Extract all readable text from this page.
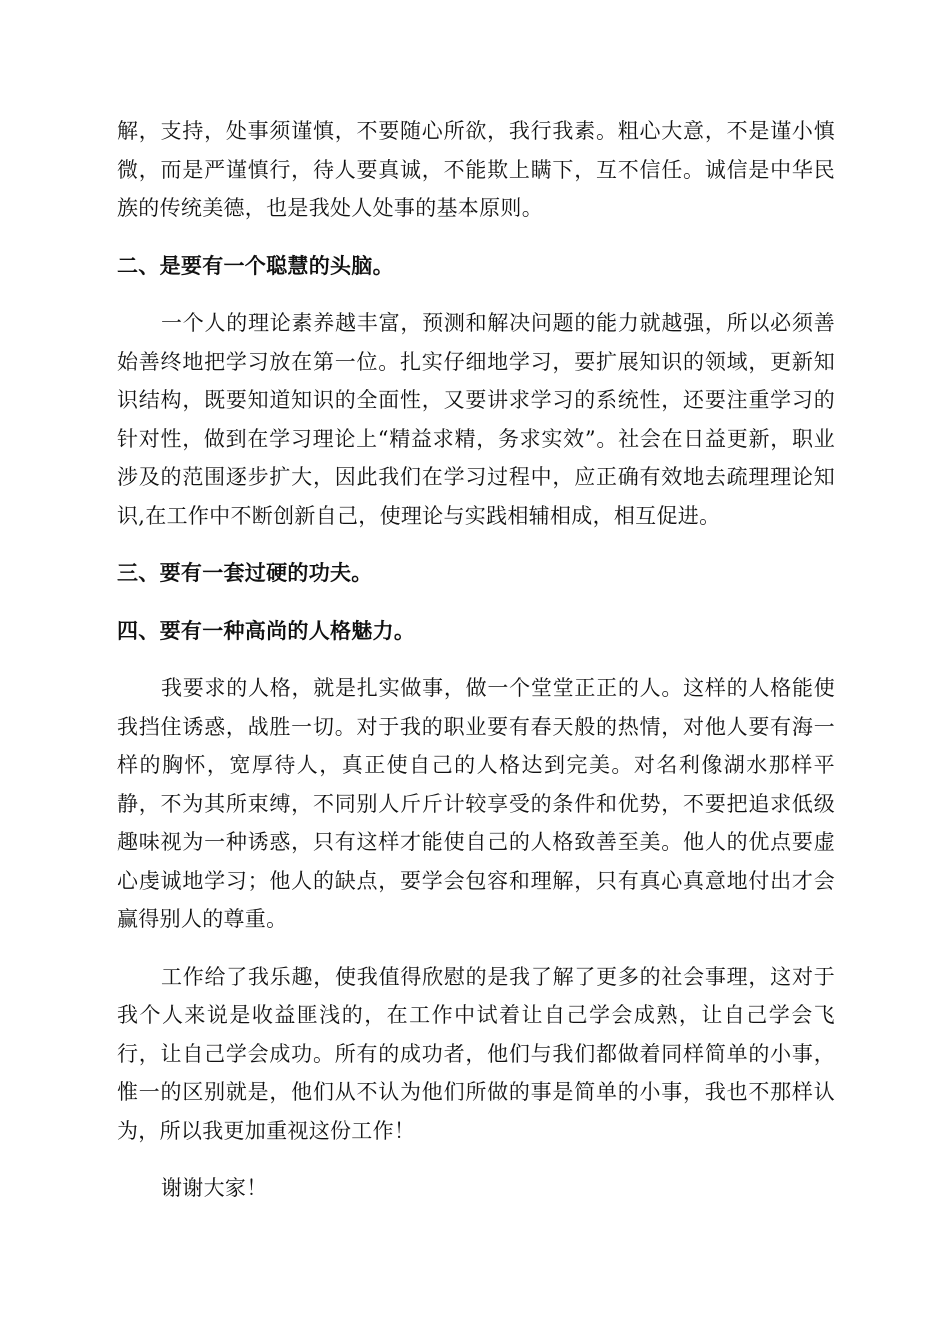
解，支持，处事须谨慎，不要随心所欲，我行我素。粗心大意，不是谨小慎微，而是严谨慎行，待人要真诚，不能欺上瞒下，互不信任。诚信是中华民族的传统美德，也是我处人处事的基本原则。

二、是要有一个聪慧的头脑。

一个人的理论素养越丰富，预测和解决问题的能力就越强，所以必须善始善终地把学习放在第一位。扎实仔细地学习，要扩展知识的领域，更新知识结构，既要知道知识的全面性，又要讲求学习的系统性，还要注重学习的针对性，做到在学习理论上“精益求精，务求实效”。社会在日益更新，职业涉及的范围逐步扩大，因此我们在学习过程中，应正确有效地去疏理理论知识,在工作中不断创新自己，使理论与实践相辅相成，相互促进。

三、要有一套过硬的功夫。

四、要有一种高尚的人格魅力。

我要求的人格，就是扎实做事，做一个堂堂正正的人。这样的人格能使我挡住诱惑，战胜一切。对于我的职业要有春天般的热情，对他人要有海一样的胸怀，宽厚待人，真正使自己的人格达到完美。对名利像湖水那样平静，不为其所束缚，不同别人斤斤计较享受的条件和优势，不要把追求低级趣味视为一种诱惑，只有这样才能使自己的人格致善至美。他人的优点要虚心虔诚地学习；他人的缺点，要学会包容和理解，只有真心真意地付出才会赢得别人的尊重。

工作给了我乐趣，使我值得欣慰的是我了解了更多的社会事理，这对于我个人来说是收益匪浅的，在工作中试着让自己学会成熟，让自己学会飞行，让自己学会成功。所有的成功者，他们与我们都做着同样简单的小事，惟一的区别就是，他们从不认为他们所做的事是简单的小事，我也不那样认为，所以我更加重视这份工作！

谢谢大家！
